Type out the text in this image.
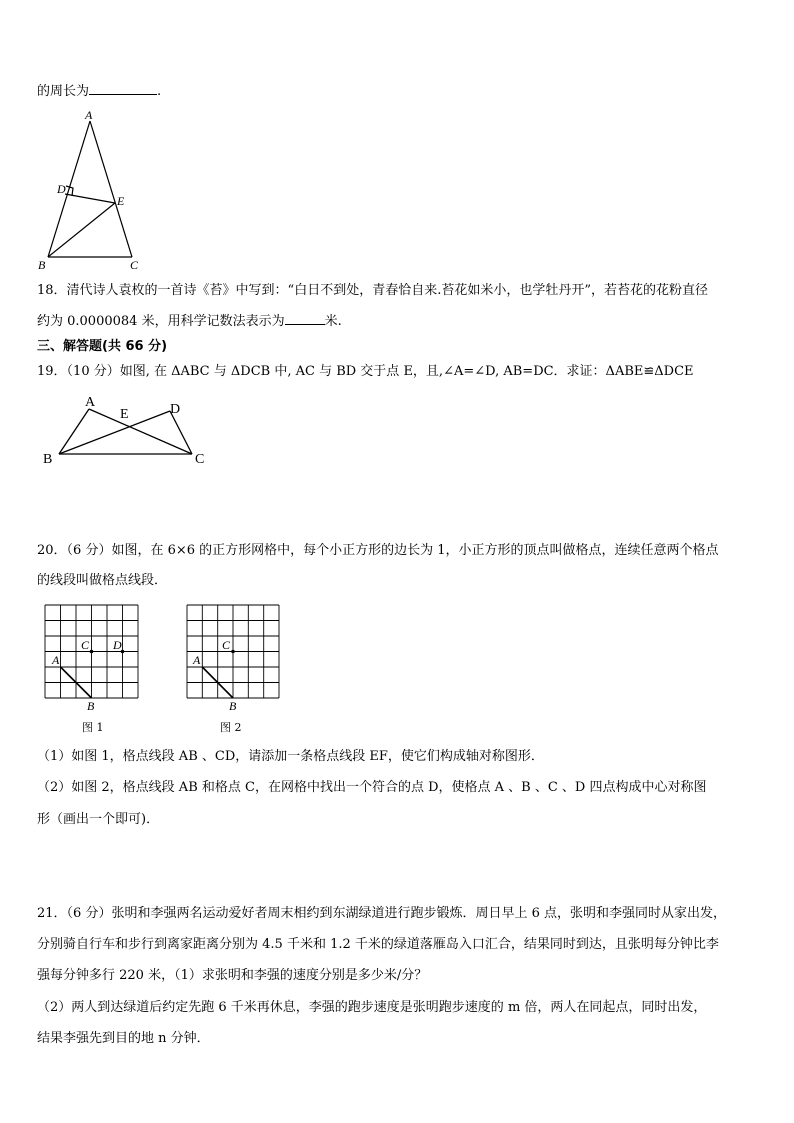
的周长为	.
A
D
E
B	C
A
E	D
B	C
A
B
C D
A
B
C
图 1	图 2
18．清代诗人袁枚的一首诗《苔》中写到：“白日不到处，青春恰自来.苔花如米小，也学牡丹开”，若苔花的花粉直径
约为 0.0000084 米，用科学记数法表示为	米.
三、解答题(共 66 分)
19．（10 分）如图, 在 ΔABC 与 ΔDCB 中, AC 与 BD 交于点 E，且,∠A=∠D, AB=DC．求证：ΔABE≌ΔDCE
20．（6 分）如图，在 6×6 的正方形网格中，每个小正方形的边长为 1，小正方形的顶点叫做格点，连续任意两个格点
的线段叫做格点线段．
（1）如图 1，格点线段 AB 、CD，请添加一条格点线段 EF，使它们构成轴对称图形．
（2）如图 2，格点线段 AB 和格点 C，在网格中找出一个符合的点 D，使格点 A 、B 、C 、D 四点构成中心对称图
形（画出一个即可)．
21．（6 分）张明和李强两名运动爱好者周末相约到东湖绿道进行跑步锻炼．周日早上 6 点，张明和李强同时从家出发，
分别骑自行车和步行到离家距离分别为 4.5 千米和 1.2 千米的绿道落雁岛入口汇合，结果同时到达，且张明每分钟比李
强每分钟多行 220 米，（1）求张明和李强的速度分别是多少米/分？
（2）两人到达绿道后约定先跑 6 千米再休息，李强的跑步速度是张明跑步速度的 m 倍，两人在同起点，同时出发，
结果李强先到目的地 n 分钟．
